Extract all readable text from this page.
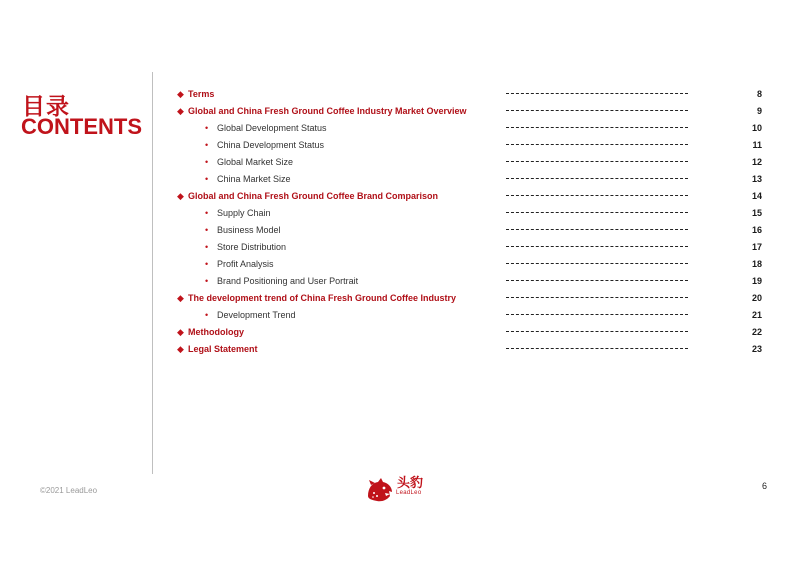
目录
CONTENTS
◆ Terms	8
◆ Global and China Fresh Ground Coffee Industry Market Overview	9
• Global Development Status	10
• China Development Status	11
• Global Market Size	12
• China Market Size	13
◆ Global and China Fresh Ground Coffee Brand Comparison	14
• Supply Chain	15
• Business Model	16
• Store Distribution	17
• Profit Analysis	18
• Brand Positioning and User Portrait	19
◆ The development trend of China Fresh Ground Coffee Industry	20
• Development Trend	21
◆ Methodology	22
◆ Legal Statement	23
©2021 LeadLeo	头豹
LeadLeo
6
